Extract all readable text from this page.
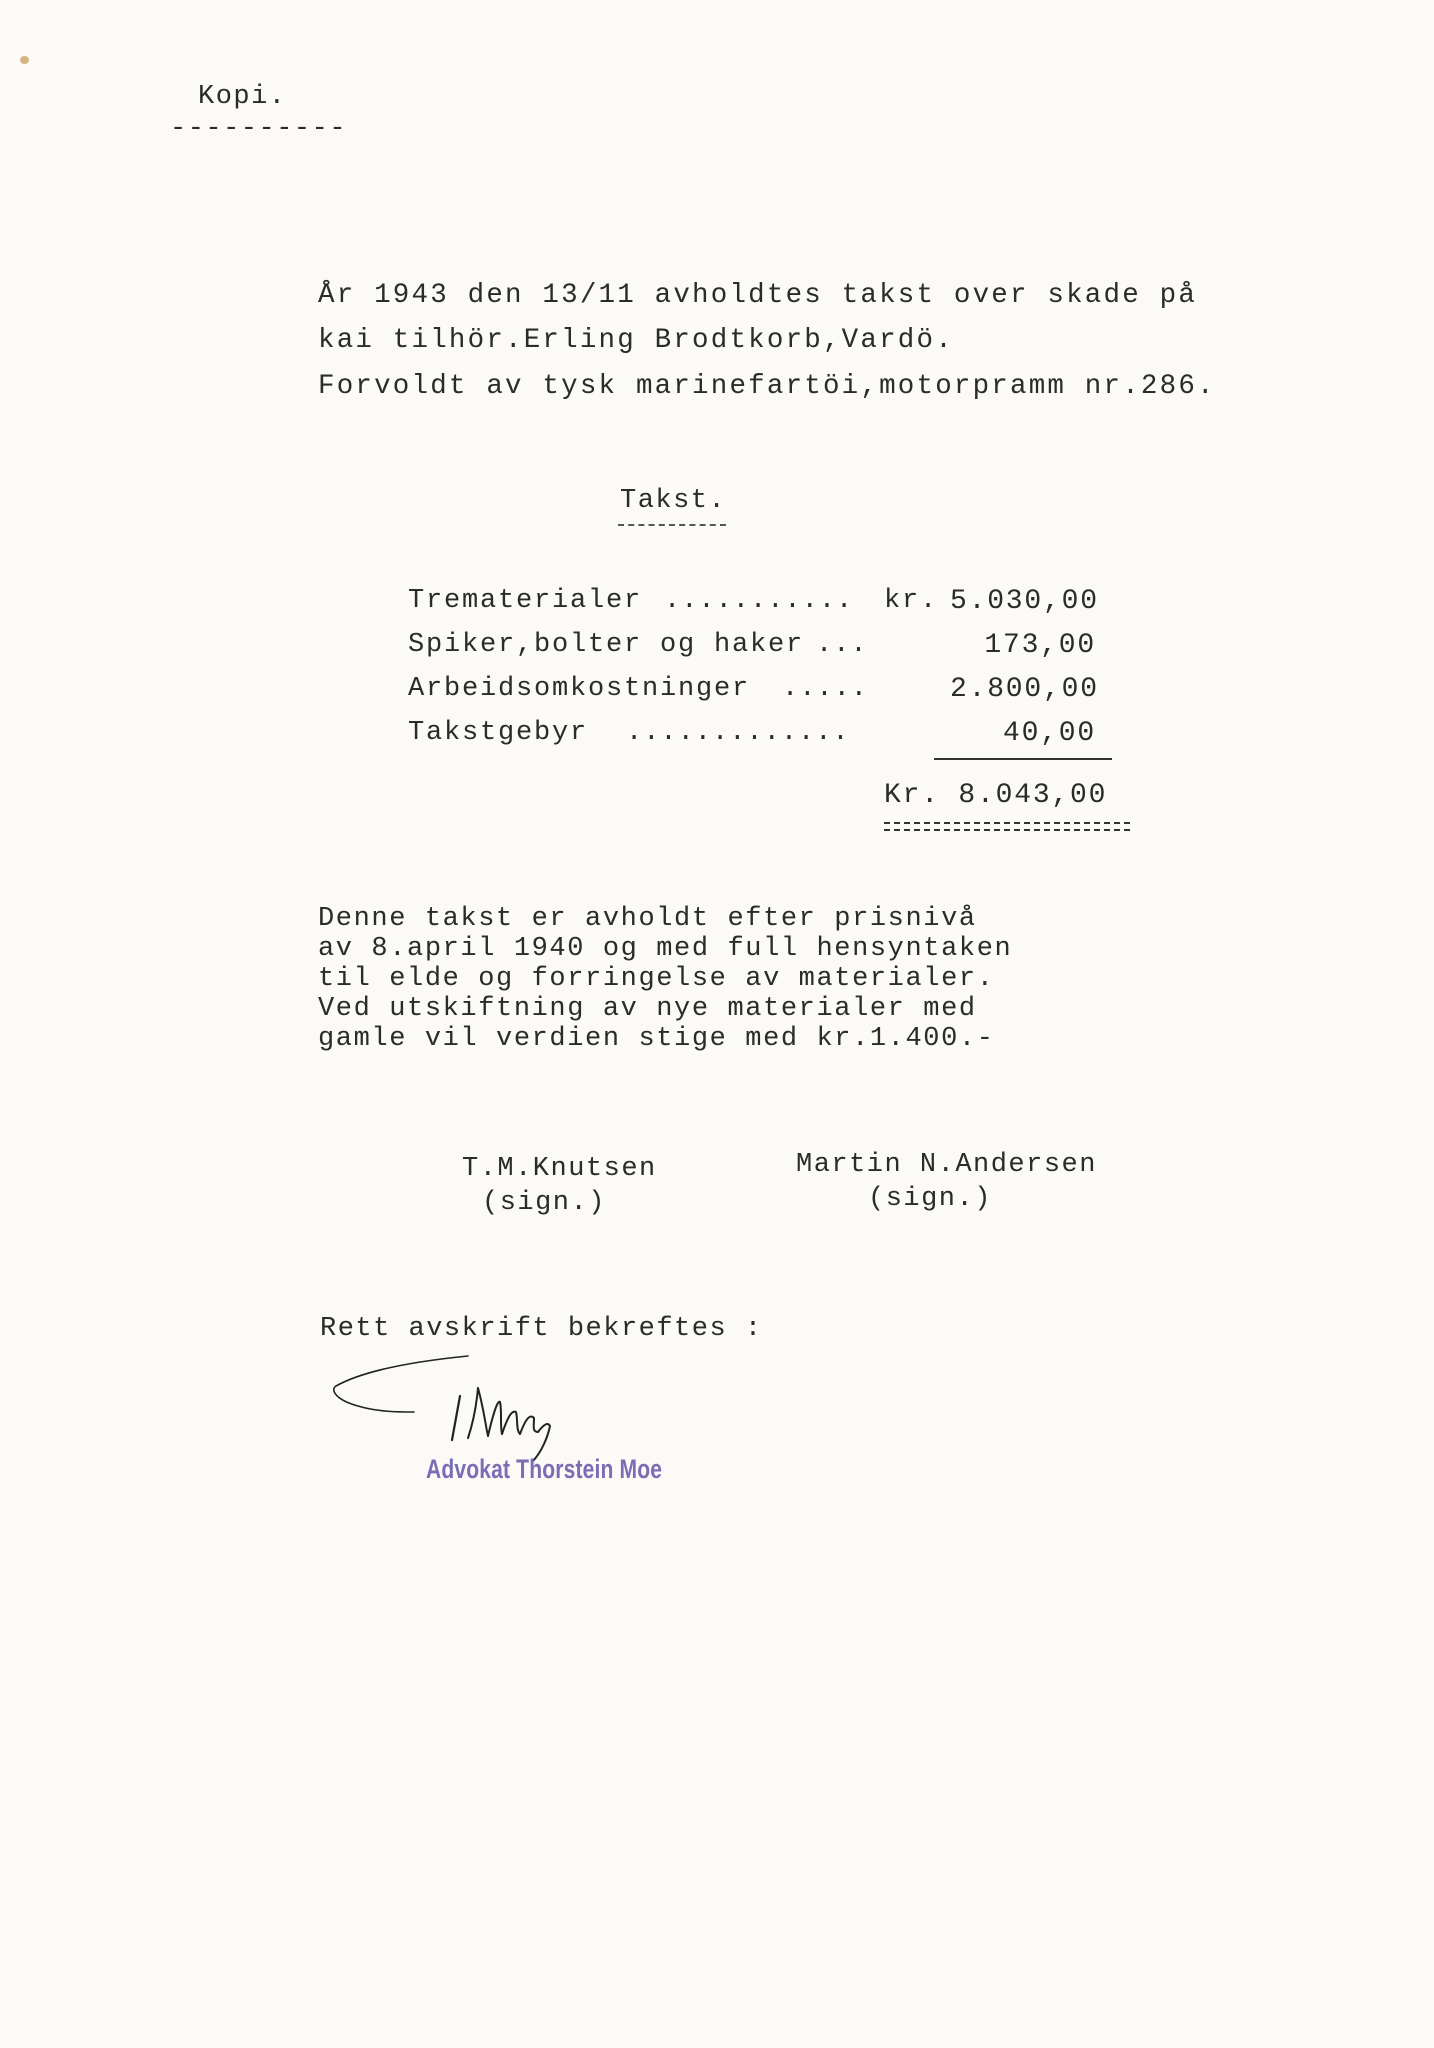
Kopi.
----------
År 1943 den 13/11 avholdtes takst over skade på
kai tilhör.Erling Brodtkorb,Vardö.
Forvoldt av tysk marinefartöi,motorpramm nr.286.
Takst.
Trematerialer ........... kr. 5.030,00
Spiker,bolter og haker ...	173,00
Arbeidsomkostninger .....	2.800,00
Takstgebyr .............	40,00
Kr. 8.043,00
Denne takst er avholdt efter prisnivå
av 8.april 1940 og med full hensyntaken
til elde og forringelse av materialer.
Ved utskiftning av nye materialer med
gamle vil verdien stige med kr.1.400.-
T.M.Knutsen
(sign.)
Martin N.Andersen
(sign.)
Rett avskrift bekreftes :
Advokat Thorstein Moe
